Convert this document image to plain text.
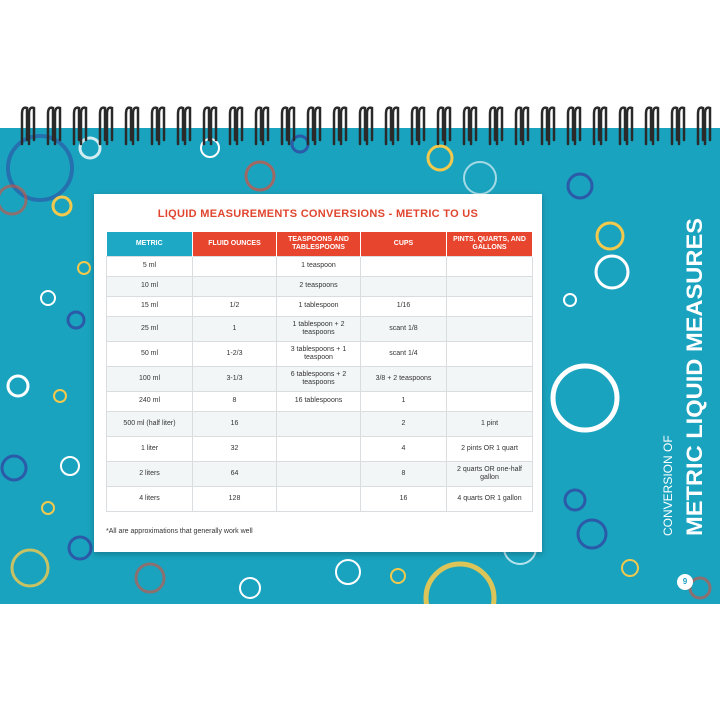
LIQUID MEASUREMENTS CONVERSIONS - METRIC TO US
METRIC	FLUID OUNCES	TEASPOONS AND TABLESPOONS	CUPS	PINTS, QUARTS, AND GALLONS
5 ml		1 teaspoon		
10 ml		2 teaspoons		
15 ml	1/2	1 tablespoon	1/16	
25 ml	1	1 tablespoon + 2 teaspoons	scant 1/8	
50 ml	1-2/3	3 tablespoons + 1 teaspoon	scant 1/4	
100 ml	3-1/3	6 tablespoons + 2 teaspoons	3/8 + 2 teaspoons	
240 ml	8	16 tablespoons	1	
500 ml (half liter)	16		2	1 pint
1 liter	32		4	2 pints OR 1 quart
2 liters	64		8	2 quarts OR one-half gallon
4 liters	128		16	4 quarts OR 1 gallon
*All are approximations that generally work well	CONVERSION OF METRIC LIQUID MEASURES
9
